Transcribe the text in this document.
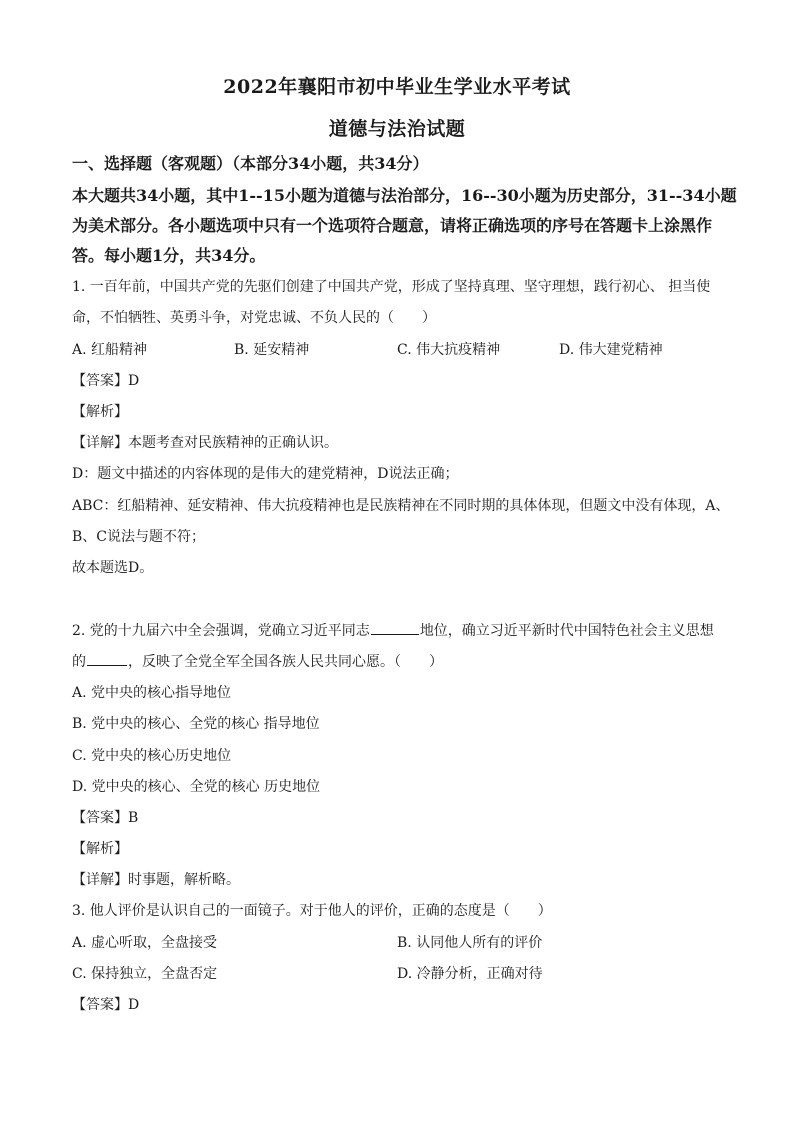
2022年襄阳市初中毕业生学业水平考试
道德与法治试题
一、选择题（客观题）（本部分34小题，共34分）
本大题共34小题，其中1--15小题为道德与法治部分，16--30小题为历史部分，31--34小题
为美术部分。各小题选项中只有一个选项符合题意，请将正确选项的序号在答题卡上涂黑作
答。每小题1分，共34分。
1. 一百年前，中国共产党的先驱们创建了中国共产党，形成了坚持真理、坚守理想，践行初心、 担当使
命，不怕牺牲、英勇斗争，对党忠诚、不负人民的（　　）
A. 红船精神	B. 延安精神	C. 伟大抗疫精神	D. 伟大建党精神
【答案】D
【解析】
【详解】本题考查对民族精神的正确认识。
D：题文中描述的内容体现的是伟大的建党精神，D说法正确；
ABC：红船精神、延安精神、伟大抗疫精神也是民族精神在不同时期的具体体现，但题文中没有体现，A、
B、C说法与题不符；
故本题选D。
2. 党的十九届六中全会强调，党确立习近平同志	地位，确立习近平新时代中国特色社会主义思想
的	，反映了全党全军全国各族人民共同心愿。（　　）
A. 党中央的核心指导地位
B. 党中央的核心、全党的核心 指导地位
C. 党中央的核心历史地位
D. 党中央的核心、全党的核心 历史地位
【答案】B
【解析】
【详解】时事题，解析略。
3. 他人评价是认识自己的一面镜子。对于他人的评价，正确的态度是（　　）
A. 虚心听取，全盘接受	B. 认同他人所有的评价
C. 保持独立，全盘否定	D. 冷静分析，正确对待
【答案】D
